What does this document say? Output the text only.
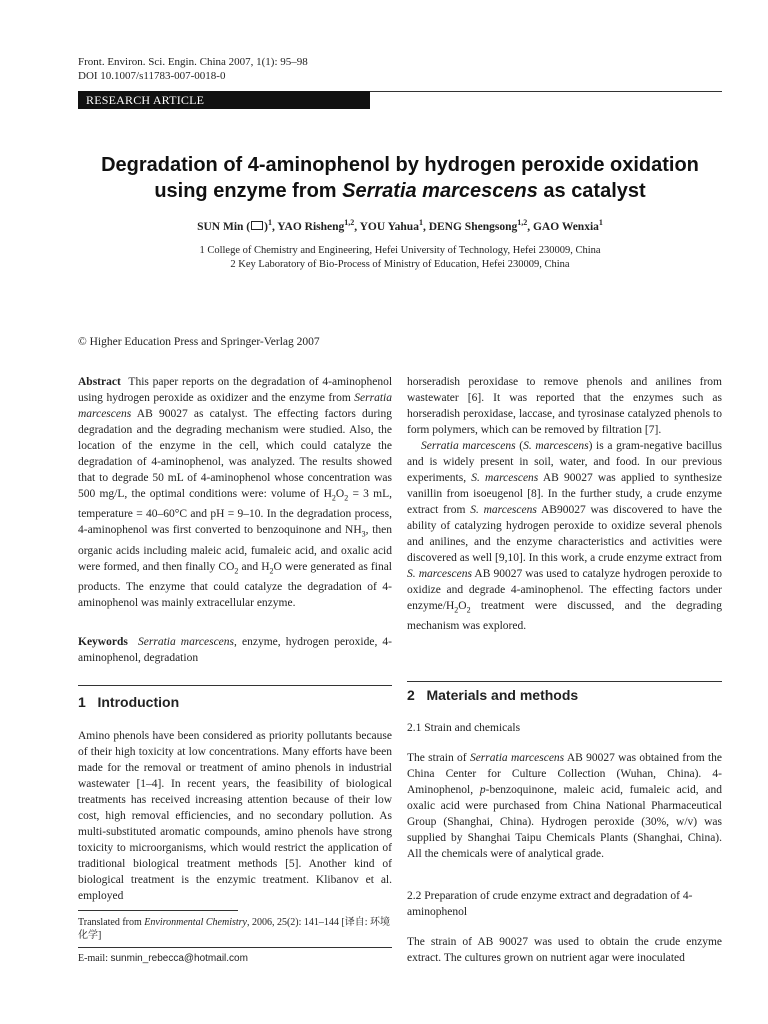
Front. Environ. Sci. Engin. China 2007, 1(1): 95–98
DOI 10.1007/s11783-007-0018-0
RESEARCH ARTICLE
Degradation of 4-aminophenol by hydrogen peroxide oxidation
using enzyme from Serratia marcescens as catalyst
SUN Min ( )$^1$, YAO Risheng$^{1,2}$, YOU Yahua$^1$, DENG Shengsong$^{1,2}$, GAO Wenxia$^1$
1 College of Chemistry and Engineering, Hefei University of Technology, Hefei 230009, China
2 Key Laboratory of Bio-Process of Ministry of Education, Hefei 230009, China
© Higher Education Press and Springer-Verlag 2007

Abstract This paper reports on the degradation of 4-aminophenol using hydrogen peroxide as oxidizer and the enzyme from Serratia marcescens AB 90027 as catalyst. The effecting factors during degradation and the degrading mechanism were studied. Also, the location of the enzyme in the cell, which could catalyze the degradation of 4-aminophenol, was analyzed. The results showed that to degrade 50 mL of 4-aminophenol whose concentration was 500 mg/L, the optimal conditions were: volume of $H_2O_2 = 3$ mL, temperature = 40–60°C and pH = 9–10. In the degradation process, 4-aminophenol was first converted to benzoquinone and $NH_3$, then organic acids including maleic acid, fumaleic acid, and oxalic acid were formed, and then finally $CO_2$ and $H_2O$ were generated as final products. The enzyme that could catalyze the degradation of 4-aminophenol was mainly extracellular enzyme.

Keywords Serratia marcescens, enzyme, hydrogen peroxide, 4-aminophenol, degradation

1 Introduction
Amino phenols have been considered as priority pollutants because of their high toxicity at low concentrations. Many efforts have been made for the removal or treatment of amino phenols in industrial wastewater [1–4]. In recent years, the feasibility of biological treatments has received increasing attention because of their low cost, high removal efficiencies, and no secondary pollution. As multi-substituted aromatic compounds, amino phenols have strong toxicity to microorganisms, which would restrict the application of traditional biological treatment methods [5]. Another kind of biological treatment is the enzymic treatment. Klibanov et al. employed
Translated from Environmental Chemistry, 2006, 25(2): 141–144 [译自: 环境化学]
E-mail: sunmin_rebecca@hotmail.com

horseradish peroxidase to remove phenols and anilines from wastewater [6]. It was reported that the enzymes such as horseradish peroxidase, laccase, and tyrosinase catalyzed phenols to form polymers, which can be removed by filtration [7].

Serratia marcescens (S. marcescens) is a gram-negative bacillus and is widely present in soil, water, and food. In our previous experiments, S. marcescens AB 90027 was applied to synthesize vanillin from isoeugenol [8]. In the further study, a crude enzyme extract from S. marcescens AB90027 was discovered to have the ability of catalyzing hydrogen peroxide to oxidize several phenols and anilines, and the enzyme characteristics and activities were discovered as well [9,10]. In this work, a crude enzyme extract from S. marcescens AB 90027 was used to catalyze hydrogen peroxide to oxidize and degrade 4-aminophenol. The effecting factors under enzyme/$H_2O_2$ treatment were discussed, and the degrading mechanism was explored.

2 Materials and methods
2.1 Strain and chemicals

The strain of Serratia marcescens AB 90027 was obtained from the China Center for Culture Collection (Wuhan, China). 4-Aminophenol, p-benzoquinone, maleic acid, fumaleic acid, and oxalic acid were purchased from China National Pharmaceutical Group (Shanghai, China). Hydrogen peroxide (30%, w/v) was supplied by Shanghai Taipu Chemicals Plants (Shanghai, China). All the chemicals were of analytical grade.

2.2 Preparation of crude enzyme extract and degradation of 4-aminophenol
The strain of AB 90027 was used to obtain the crude enzyme extract. The cultures grown on nutrient agar were inoculated
